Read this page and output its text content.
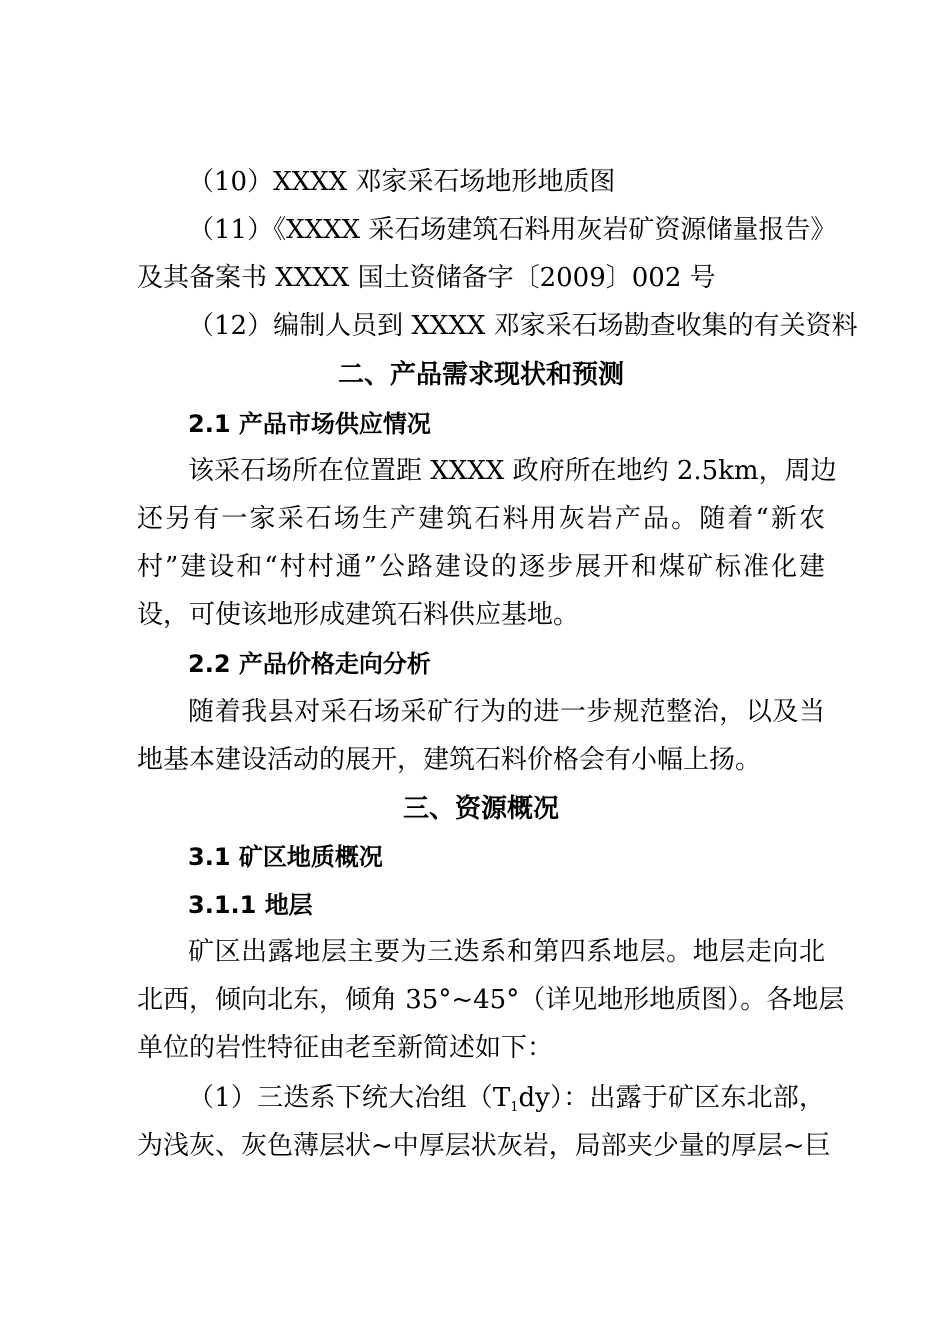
（10）XXXX 邓家采石场地形地质图
（11）《XXXX 采石场建筑石料用灰岩矿资源储量报告》
及其备案书 XXXX 国土资储备字〔2009〕002 号
（12）编制人员到 XXXX 邓家采石场勘查收集的有关资料
二、产品需求现状和预测
2.1 产品市场供应情况
该采石场所在位置距 XXXX 政府所在地约 2.5km，周边
还另有一家采石场生产建筑石料用灰岩产品。随着“新农
村”建设和“村村通”公路建设的逐步展开和煤矿标准化建
设，可使该地形成建筑石料供应基地。
2.2 产品价格走向分析
随着我县对采石场采矿行为的进一步规范整治，以及当
地基本建设活动的展开，建筑石料价格会有小幅上扬。
三、资源概况
3.1 矿区地质概况
3.1.1 地层
矿区出露地层主要为三迭系和第四系地层。地层走向北
北西，倾向北东，倾角 35°~45°（详见地形地质图）。各地层
单位的岩性特征由老至新简述如下：
（1）三迭系下统大冶组$(T_1dy)$：出露于矿区东北部，
为浅灰、灰色薄层状~中厚层状灰岩，局部夹少量的厚层~巨
